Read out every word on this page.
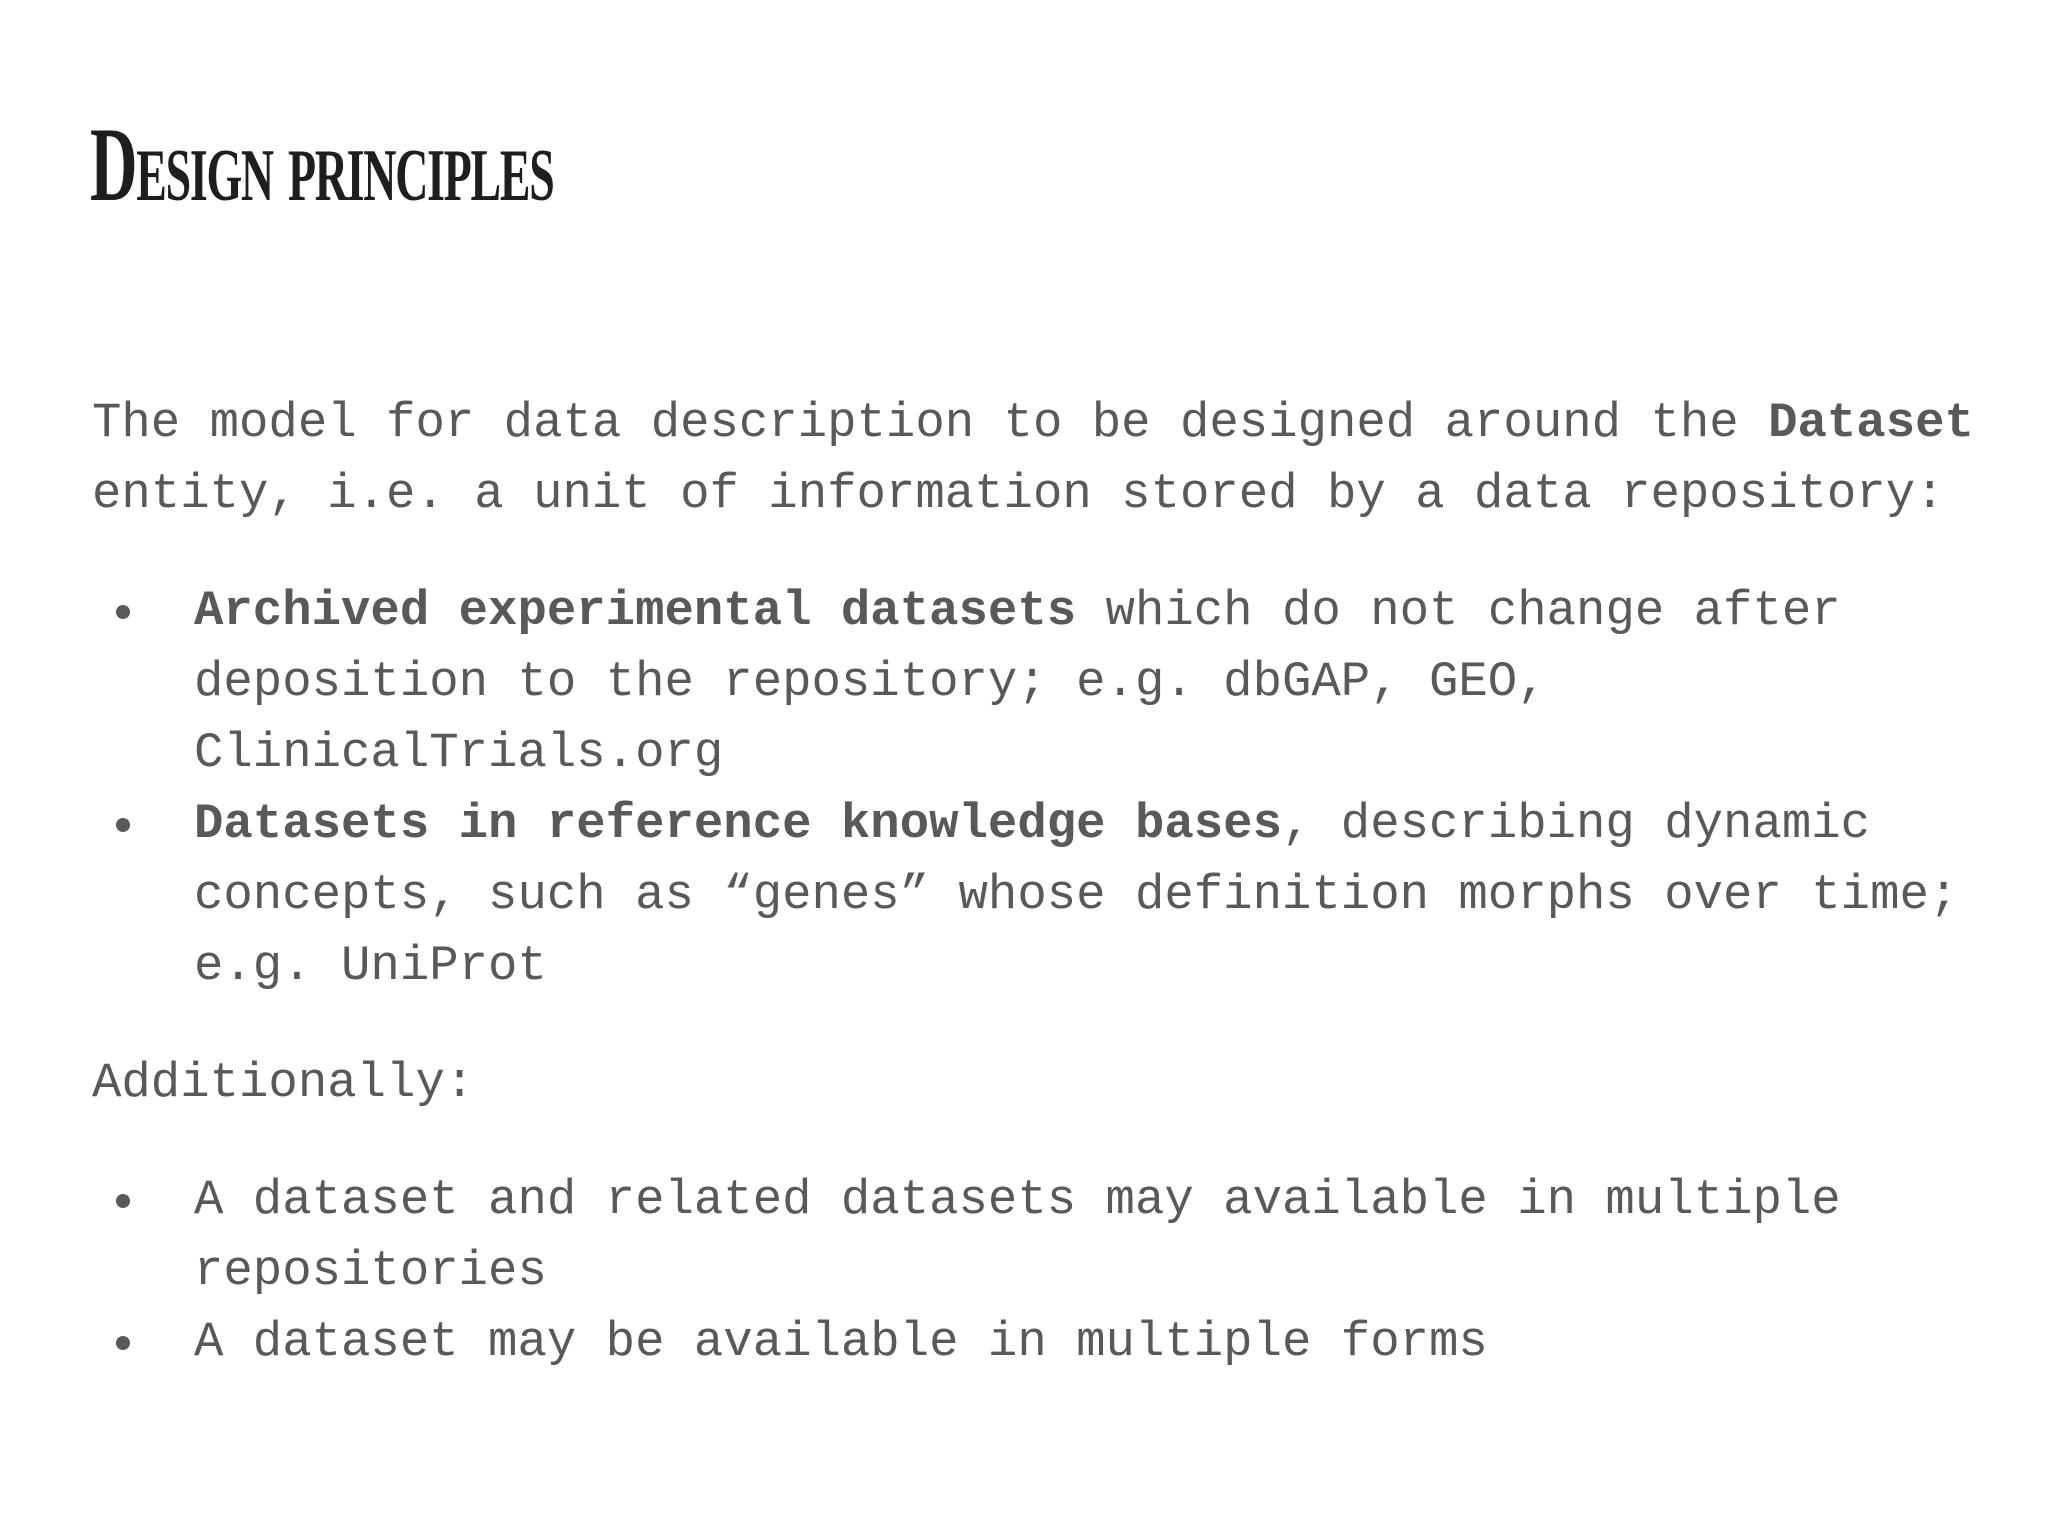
Design principles

The model for data description to be designed around the Dataset entity, i.e. a unit of information stored by a data repository:

Archived experimental datasets which do not change after deposition to the repository; e.g. dbGAP, GEO, ClinicalTrials.org
Datasets in reference knowledge bases, describing dynamic concepts, such as “genes” whose definition morphs over time; e.g. UniProt

Additionally:

A dataset and related datasets may available in multiple repositories
A dataset may be available in multiple forms
